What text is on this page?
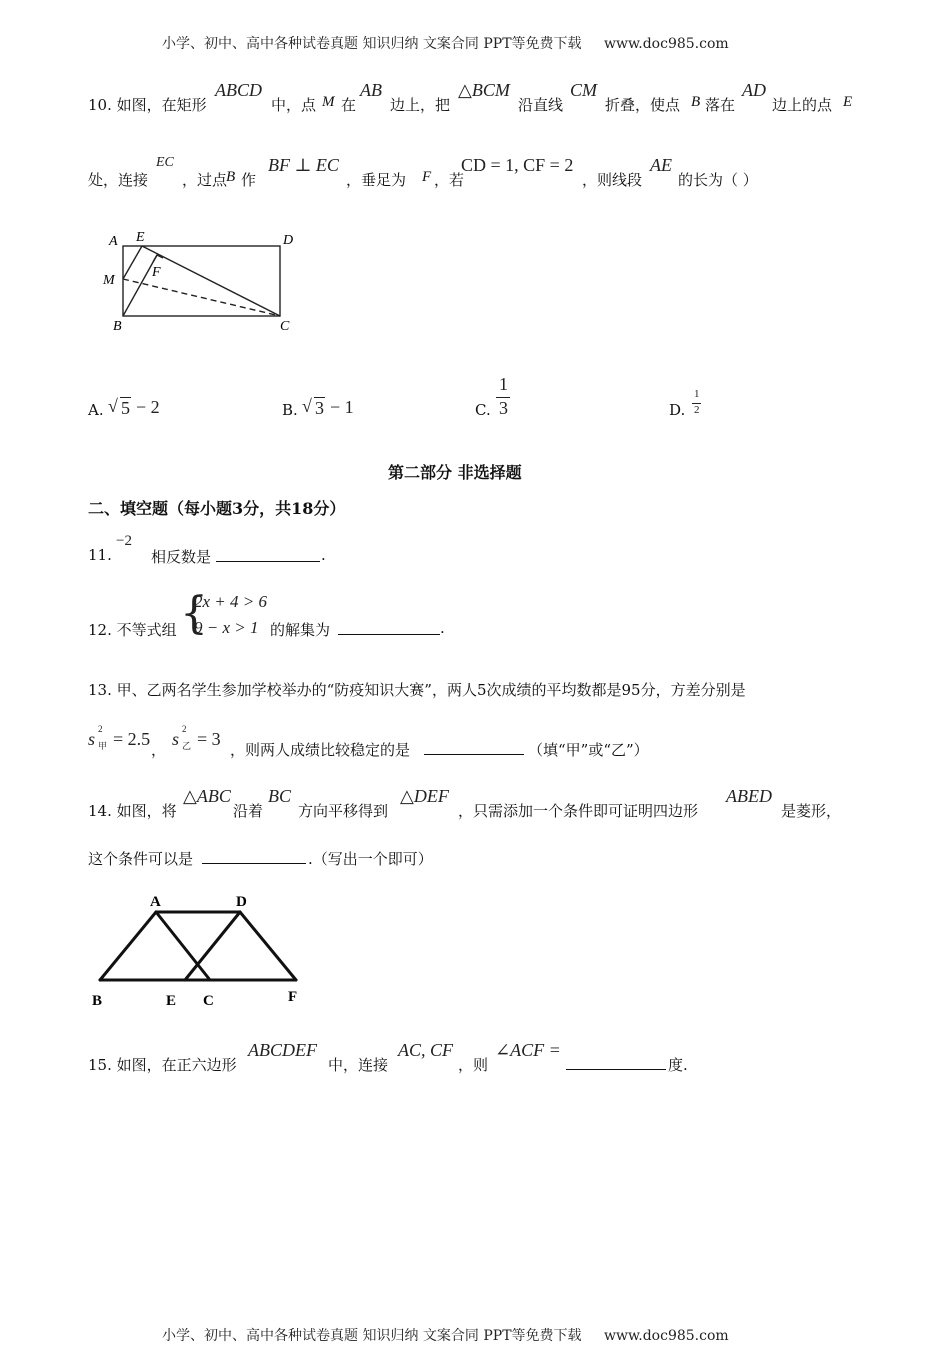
小学、初中、高中各种试卷真题 知识归纳 文案合同 PPT等免费下载 www.doc985.com
10. 如图，在矩形
ABCD
中，点 M 在
AB
边上，把
△BCM
沿直线
CM
折叠，使点 B 落在
AD
边上的点 E
处，连接
EC
，过点
B 作
BF ⊥ EC
，垂足为 F ，若
CD = 1, CF = 2
，则线段
AE
的长为（ ）
A E	D
M
F
B	C
A. √ 5 − 2	B. √ 3 − 1	C.
1
3	D.
1
2
第二部分 非选择题
二、填空题（每小题3分，共18分）
11.
−2
相反数是	.
12. 不等式组 {
2x + 4 > 6
9 − x > 1 的解集为	.
13. 甲、乙两名学生参加学校举办的“防疫知识大赛”，两人5次成绩的平均数都是95分，方差分别是
s 2
甲 = 2.5
，
s 2
乙 = 3
，则两人成绩比较稳定的是	（填“甲”或“乙”）
14. 如图，将
△ABC
沿着
BC
方向平移得到
△DEF
，只需添加一个条件即可证明四边形
ABED
是菱形，
这个条件可以是	.（写出一个即可）
A	D
B	E C	F
15. 如图，在正六边形
ABCDEF
中，连接
AC, CF
，则
∠ACF =
度.
小学、初中、高中各种试卷真题 知识归纳 文案合同 PPT等免费下载 www.doc985.com
